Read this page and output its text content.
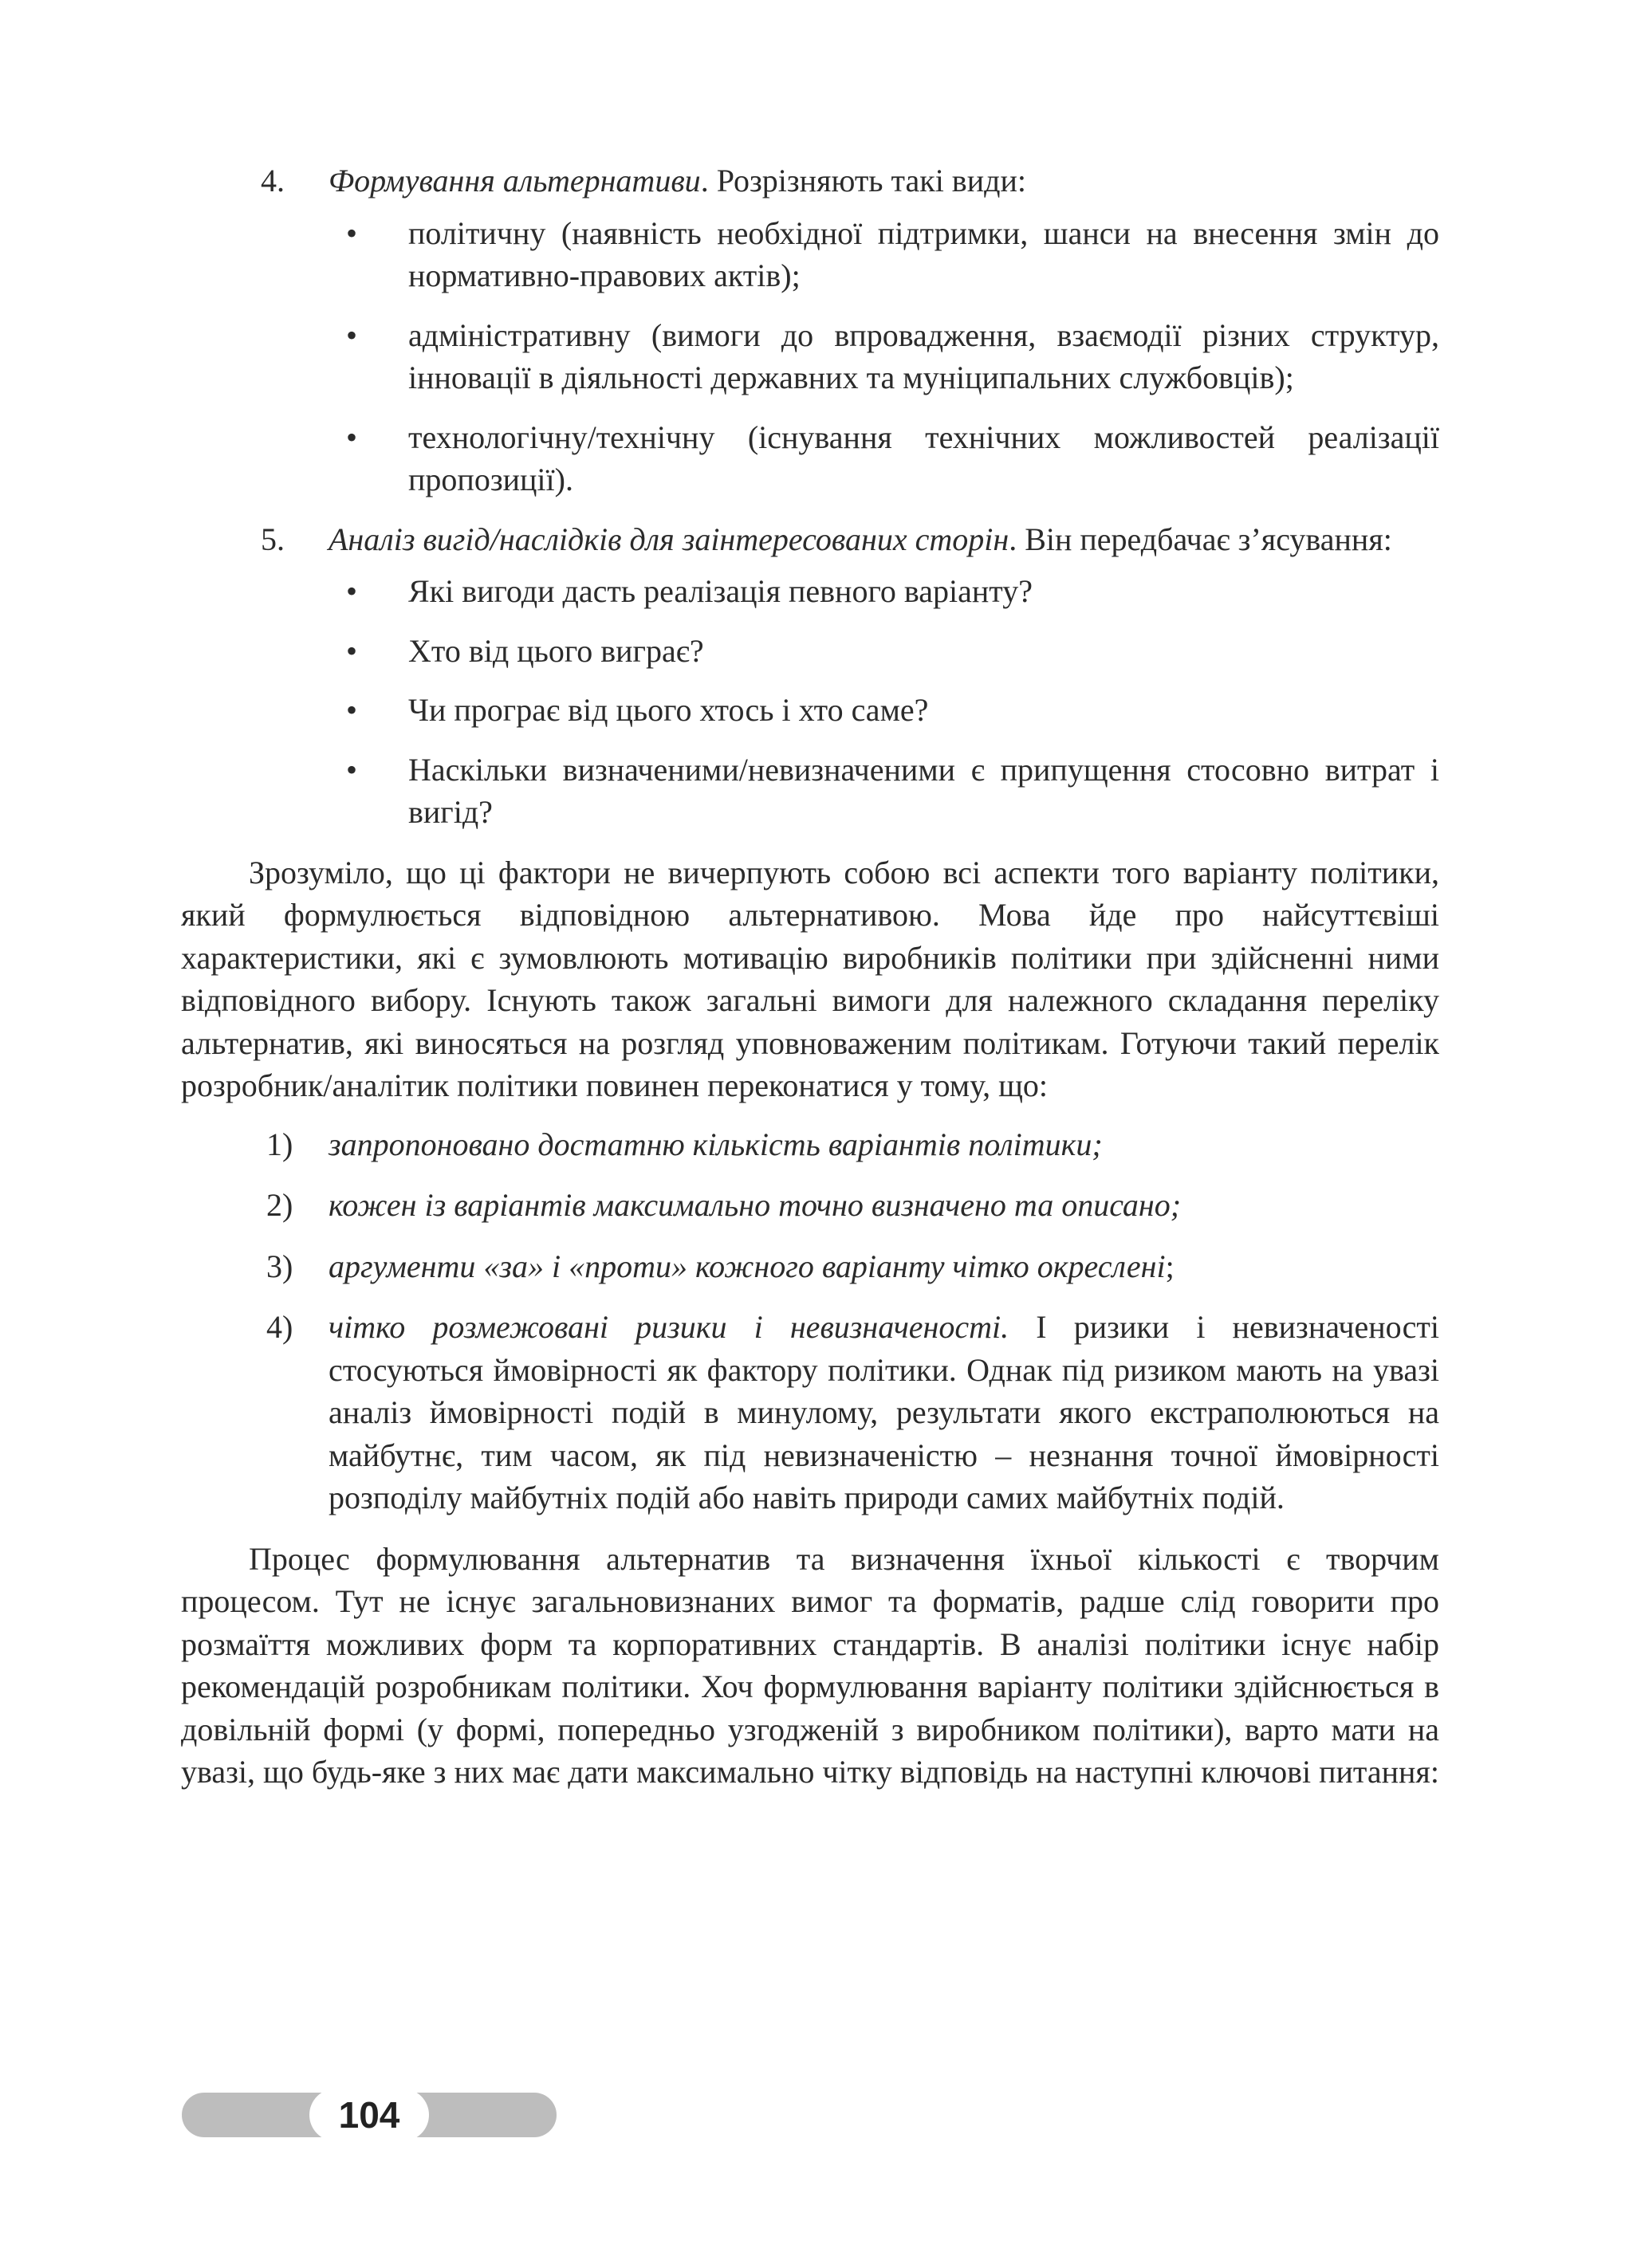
4. Формування альтернативи. Розрізняють такі види:
• політичну (наявність необхідної підтримки, шанси на внесення змін до нормативно-правових актів);
• адміністративну (вимоги до впровадження, взаємодії різних структур, інновації в діяльності державних та муніципальних службовців);
• технологічну/технічну (існування технічних можливостей реалізації пропозиції).
5. Аналіз вигід/наслідків для заінтересованих сторін. Він передбачає з’ясування:
• Які вигоди дасть реалізація певного варіанту?
• Хто від цього виграє?
• Чи програє від цього хтось і хто саме?
• Наскільки визначеними/невизначеними є припущення стосовно витрат і вигід?

Зрозуміло, що ці фактори не вичерпують собою всі аспекти того варіанту політики, який формулюється відповідною альтернативою. Мова йде про найсуттєвіші характеристики, які є зумовлюють мотивацію виробників політики при здійсненні ними відповідного вибору. Існують також загальні вимоги для належного складання переліку альтернатив, які виносяться на розгляд уповноваженим політикам. Готуючи такий перелік розробник/аналітик політики повинен переконатися у тому, що:

1) запропоновано достатню кількість варіантів політики;
2) кожен із варіантів максимально точно визначено та описано;
3) аргументи «за» і «проти» кожного варіанту чітко окреслені;
4) чітко розмежовані ризики і невизначеності. І ризики і невизначеності стосуються ймовірності як фактору політики. Однак під ризиком мають на увазі аналіз ймовірності подій в минулому, результати якого екстраполюються на майбутнє, тим часом, як під невизначеністю – незнання точної ймовірності розподілу майбутніх подій або навіть природи самих майбутніх подій.

Процес формулювання альтернатив та визначення їхньої кількості є творчим процесом. Тут не існує загальновизнаних вимог та форматів, радше слід говорити про розмаїття можливих форм та корпоративних стандартів. В аналізі політики існує набір рекомендацій розробникам політики. Хоч формулювання варіанту політики здійснюється в довільній формі (у формі, попередньо узгодженій з виробником політики), варто мати на увазі, що будь-яке з них має дати максимально чітку відповідь на наступні ключові питання:

104
